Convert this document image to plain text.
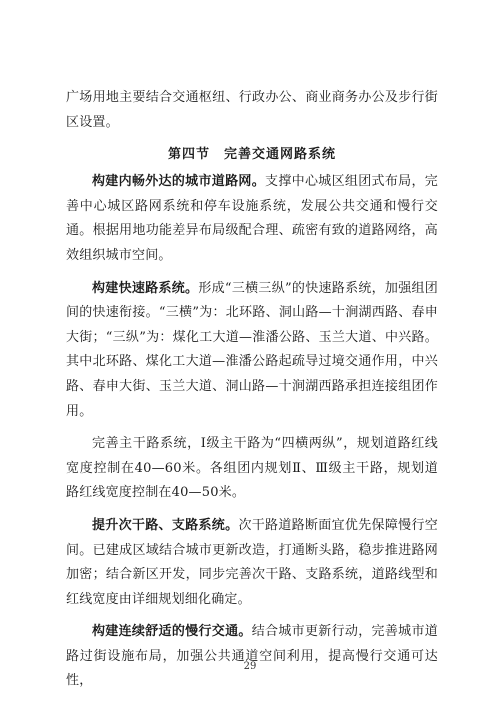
广场用地主要结合交通枢纽、行政办公、商业商务办公及步行街区设置。

第四节　完善交通网路系统

构建内畅外达的城市道路网。支撑中心城区组团式布局，完善中心城区路网系统和停车设施系统，发展公共交通和慢行交通。根据用地功能差异布局级配合理、疏密有致的道路网络，高效组织城市空间。

构建快速路系统。形成“三横三纵”的快速路系统，加强组团间的快速衔接。“三横”为：北环路、洞山路—十涧湖西路、春申大街；“三纵”为：煤化工大道—淮潘公路、玉兰大道、中兴路。其中北环路、煤化工大道—淮潘公路起疏导过境交通作用，中兴路、春申大街、玉兰大道、洞山路—十涧湖西路承担连接组团作用。

完善主干路系统，Ⅰ级主干路为“四横两纵”，规划道路红线宽度控制在40—60米。各组团内规划Ⅱ、Ⅲ级主干路，规划道路红线宽度控制在40—50米。

提升次干路、支路系统。次干路道路断面宜优先保障慢行空间。已建成区域结合城市更新改造，打通断头路，稳步推进路网加密；结合新区开发，同步完善次干路、支路系统，道路线型和红线宽度由详细规划细化确定。

构建连续舒适的慢行交通。结合城市更新行动，完善城市道路过街设施布局，加强公共通道空间利用，提高慢行交通可达性，

29
